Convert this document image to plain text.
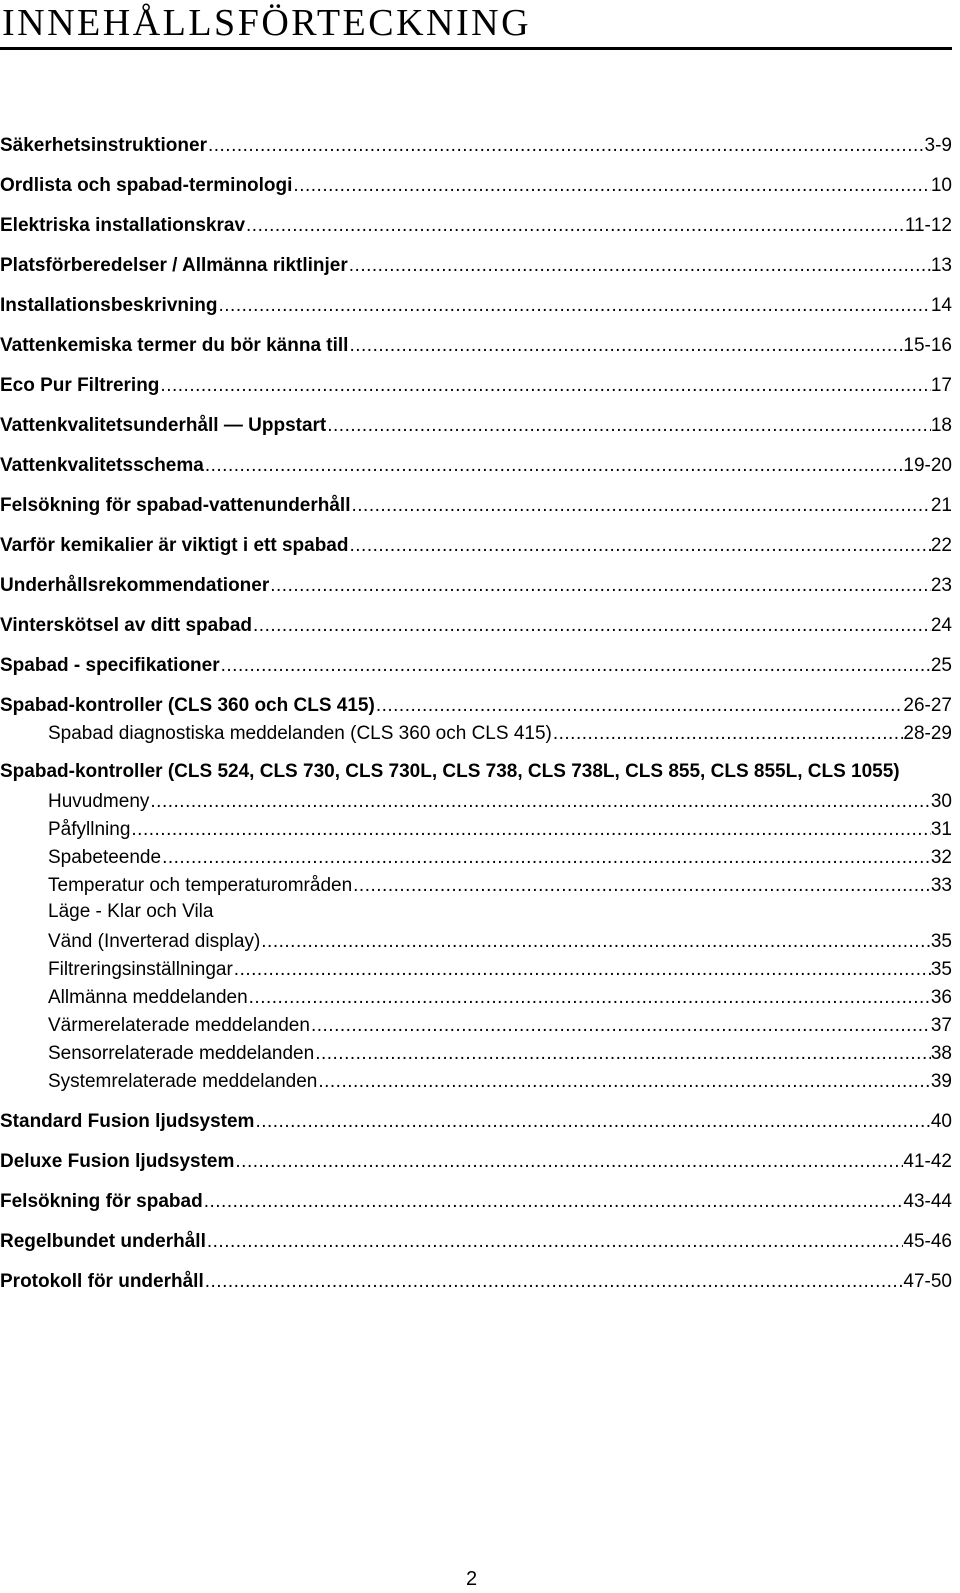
INNEHÅLLSFÖRTECKNING
Säkerhetsinstruktioner .....	3-9
Ordlista och spabad-terminologi .....	10
Elektriska installationskrav .....	11-12
Platsförberedelser / Allmänna riktlinjer .....	13
Installationsbeskrivning .....	14
Vattenkemiska termer du bör känna till .....	15-16
Eco Pur Filtrering .....	17
Vattenkvalitetsunderhåll — Uppstart .....	18
Vattenkvalitetsschema .....	19-20
Felsökning för spabad-vattenunderhåll .....	21
Varför kemikalier är viktigt i ett spabad .....	22
Underhållsrekommendationer .....	23
Vinterskötsel av ditt spabad .....	24
Spabad - specifikationer .....	25
Spabad-kontroller (CLS 360 och CLS 415) .....	26-27
Spabad diagnostiska meddelanden (CLS 360 och CLS 415) .....	28-29
Spabad-kontroller (CLS 524, CLS 730, CLS 730L, CLS 738, CLS 738L, CLS 855, CLS 855L, CLS 1055)
Huvudmeny .....	30
Påfyllning .....	31
Spabeteende .....	32
Temperatur och temperaturområden .....	33
Läge - Klar och Vila
Vänd (Inverterad display) .....	35
Filtreringsinställningar .....	35
Allmänna meddelanden .....	36
Värmerelaterade meddelanden .....	37
Sensorrelaterade meddelanden .....	38
Systemrelaterade meddelanden .....	39
Standard Fusion ljudsystem .....	40
Deluxe Fusion ljudsystem .....	41-42
Felsökning för spabad .....	43-44
Regelbundet underhåll .....	45-46
Protokoll för underhåll .....	47-50
2
